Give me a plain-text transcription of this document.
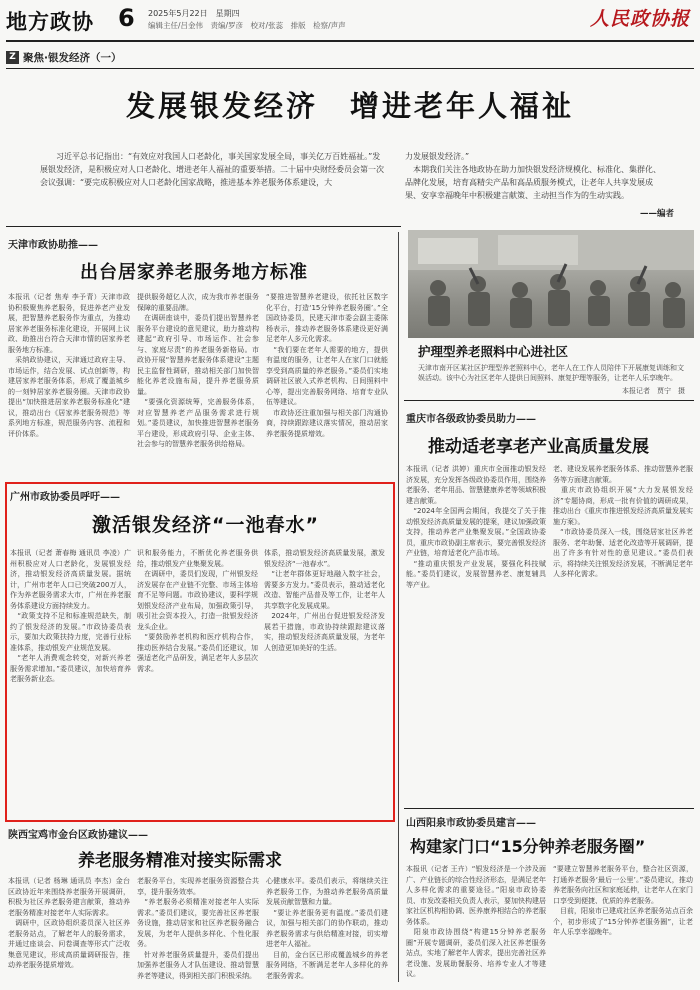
地方政协 6 2025年5月22日　星期四
编辑主任/吕金伟　责编/罗彦　校对/张蕊　排版　检察/声声	人民政协报
Z 聚焦·银发经济（一）
发展银发经济　增进老年人福祉
习近平总书记指出：“有效应对我国人口老龄化，事关国家发展全局，事关亿万百姓福祉。”发展银发经济，是积极应对人口老龄化、增进老年人福祉的重要举措。二十届中央财经委员会第一次会议强调：“要完成积极应对人口老龄化国家战略，推进基本养老服务体系建设，大
力发展银发经济。”
　本期我们关注各地政协在助力加快银发经济规模化、标准化、集群化、品牌化发展，培育高精尖产品和高品质服务模式，让老年人共享发展成果、安享幸福晚年中积极建言献策、主动担当作为的生动实践。
——编者
天津市政协助推——
出台居家养老服务地方标准
本报讯（记者 焦寿 李予青）天津市政协积极聚焦养老服务，促进养老产业发展，把智慧养老服务作为重点，为推动居家养老服务标准化建设，开展网上议政、助推出台符合天津市情的居家养老服务地方标准。
　采纳政协建议，天津通过政府主导、市场运作，结合发展、试点创新等，构建居家养老服务体系，形成了覆盖城乡的一刻钟居家养老服务圈。天津市政协提出“加快推进居家养老服务标准化”建议，推动出台《居家养老服务规范》等系列地方标准，规范服务内容、流程和评价体系。
提供服务超亿人次，成为我市养老服务保障的重要品牌。
　在调研座谈中，委员们提出智慧养老服务平台建设的意见建议，助力推动构建起“政府引导、市场运作、社会参与、家庭尽责”的养老服务新格局。市政协开展“智慧养老服务体系建设”主题民主监督性调研，推动相关部门加快智能化养老设施布局，提升养老服务质量。
　“要强化资源统筹，完善服务体系，对应智慧养老产品服务需求进行规划。”委员建议，加快推进智慧养老服务平台建设，形成政府引导、企业主体、社会参与的智慧养老服务供给格局。
“要推进智慧养老建设，依托社区数字化平台，打造‘15分钟养老服务圈’。”全国政协委员，民建天津市委会副主委陈杨表示，推动养老服务体系建设更好满足老年人多元化需求。
　“我们要在老年人需要的地方，提供有温度的服务，让老年人在家门口就能享受到高质量的养老服务。”委员们实地调研社区嵌入式养老机构、日间照料中心等，提出完善服务网络、培育专业队伍等建议。
　市政协还注重加强与相关部门沟通协商，持续跟踪建议落实情况，推动居家养老服务提质增效。
护理型养老照料中心进社区
天津市南开区某社区护理型养老照料中心，老年人在工作人员陪伴下开展康复训练和文娱活动。该中心为社区老年人提供日间照料、康复护理等服务，让老年人乐享晚年。
本报记者　贾宁　摄
重庆市各级政协委员助力——
推动适老享老产业高质量发展
本报讯（记者 洪婷）重庆市全面推动银发经济发展，充分发挥各级政协委员作用，围绕养老服务、老年用品、智慧健康养老等领域积极建言献策。
　“2024年全国两会期间，我提交了关于推动银发经济高质量发展的提案，建议加强政策支持，推动养老产业集聚发展。”全国政协委员，重庆市政协副主席表示，要完善银发经济产业链，培育适老化产品市场。
　“推动重庆银发产业发展，要强化科技赋能。”委员们建议，发展智慧养老、康复辅具等产业。
老、建设发展养老服务体系、推动智慧养老服务等方面建言献策。
　重庆市政协组织开展“大力发展银发经济”专题协商，形成一批有价值的调研成果，推动出台《重庆市推进银发经济高质量发展实施方案》。
　“市政协委员深入一线，围绕居家社区养老服务、老年助餐、适老化改造等开展调研，提出了许多有针对性的意见建议。”委员们表示，将持续关注银发经济发展，不断满足老年人多样化需求。
山西阳泉市政协委员建言——
构建家门口“15分钟养老服务圈”
本报讯（记者 王卉）“银发经济是一个涉及面广、产业链长的综合性经济形态，是满足老年人多样化需求的重要途径。”阳泉市政协委员、市发改委相关负责人表示，要加快构建居家社区机构相协调、医养康养相结合的养老服务体系。
　阳泉市政协围绕“构建15分钟养老服务圈”开展专题调研，委员们深入社区养老服务站点，实地了解老年人需求，提出完善社区养老设施、发展助餐服务、培养专业人才等建议。
“要建立智慧养老服务平台，整合社区资源，打通养老服务‘最后一公里’。”委员建议，推动养老服务向社区和家庭延伸，让老年人在家门口享受到便捷、优质的养老服务。
　目前，阳泉市已建成社区养老服务站点百余个，初步形成了“15分钟养老服务圈”，让老年人乐享幸福晚年。
广州市政协委员呼吁——
激活银发经济“一池春水”
本报讯（记者 萧春梅 通讯员 李凌）广州积极应对人口老龄化，发展银发经济，推动银发经济高质量发展。据统计，广州市老年人口已突破200万人，作为养老服务需求大市，广州在养老服务体系建设方面持续发力。
　“政策支持不足和标准规范缺失，制约了银发经济的发展。”市政协委员表示，要加大政策扶持力度，完善行业标准体系，推动银发产业规范发展。
　“老年人消费观念转变，对新兴养老服务需求增加。”委员建议，加快培育养老服务新业态。
识和服务能力，不断优化养老服务供给，推动银发产业集聚发展。
　在调研中，委员们发现，广州银发经济发展存在产业链不完整、市场主体培育不足等问题。市政协建议，要科学规划银发经济产业布局，加强政策引导，吸引社会资本投入，打造一批银发经济龙头企业。
　“要鼓励养老机构和医疗机构合作，推动医养结合发展。”委员们还建议，加强适老化产品研发，满足老年人多层次需求。
体系，推动银发经济高质量发展，激发银发经济“一池春水”。
　“让老年群体更好地融入数字社会，需要多方发力。”委员表示，推动适老化改造、智能产品普及等工作，让老年人共享数字化发展成果。
　2024年，广州出台促进银发经济发展若干措施，市政协持续跟踪建议落实，推动银发经济高质量发展，为老年人创造更加美好的生活。
陕西宝鸡市金台区政协建议——
养老服务精准对接实际需求
本报讯（记者 杨琳 通讯员 李杰）金台区政协近年来围绕养老服务开展调研，积极为社区养老服务建言献策，推动养老服务精准对接老年人实际需求。
　调研中，区政协组织委员深入社区养老服务站点，了解老年人的服务需求，并通过座谈会、问卷调查等形式广泛收集意见建议，形成高质量调研报告，推动养老服务提质增效。
老服务平台，实现养老服务资源整合共享，提升服务效率。
　“养老服务必须精准对接老年人实际需求。”委员们建议，要完善社区养老服务设施，推动居家和社区养老服务融合发展，为老年人提供多样化、个性化服务。
　针对养老服务质量提升，委员们提出加强养老服务人才队伍建设、推动智慧养老等建议，得到相关部门积极采纳。
心健康水平。委员们表示，将继续关注养老服务工作，为推动养老服务高质量发展贡献智慧和力量。
　“要让养老服务更有温度。”委员们建议，加强与相关部门的协作联动，推动养老服务需求与供给精准对接，切实增进老年人福祉。
　目前，金台区已形成覆盖城乡的养老服务网络，不断满足老年人多样化的养老服务需求。
